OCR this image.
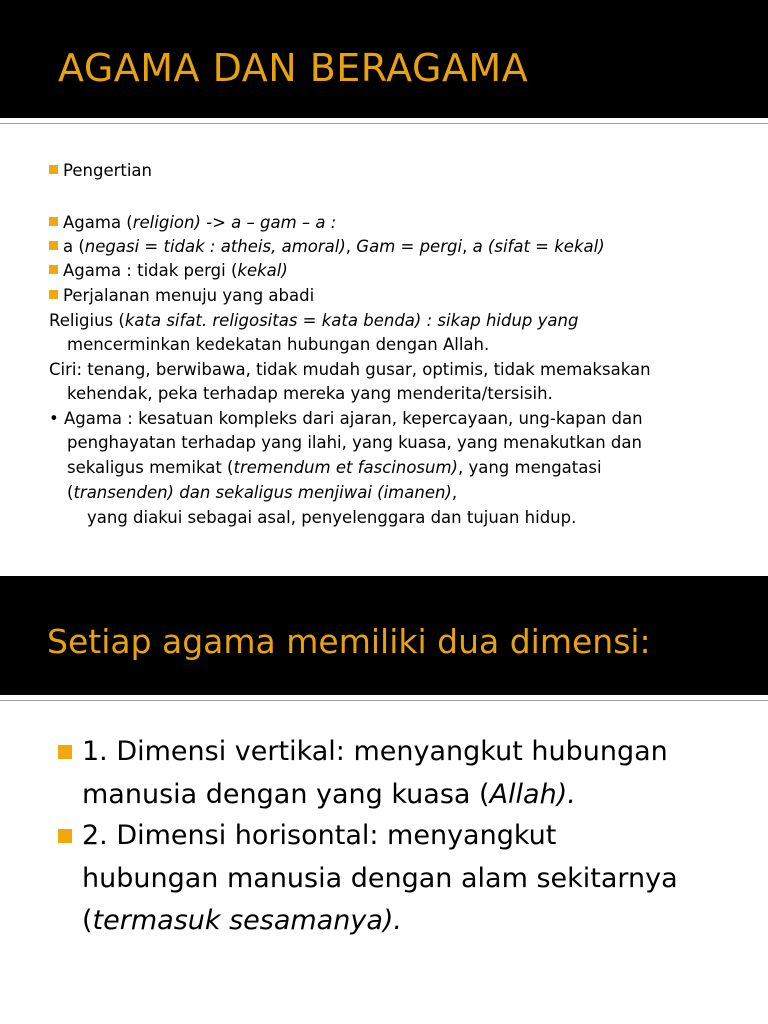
AGAMA DAN BERAGAMA
Pengertian
Agama (religion) -> a – gam – a :
a (negasi = tidak : atheis, amoral), Gam = pergi, a (sifat = kekal)
Agama : tidak pergi (kekal)
Perjalanan menuju yang abadi
Religius (kata sifat. religositas = kata benda) : sikap hidup yang
mencerminkan kedekatan hubungan dengan Allah.
Ciri: tenang, berwibawa, tidak mudah gusar, optimis, tidak memaksakan
kehendak, peka terhadap mereka yang menderita/tersisih.
• Agama : kesatuan kompleks dari ajaran, kepercayaan, ung-kapan dan
penghayatan terhadap yang ilahi, yang kuasa, yang menakutkan dan
sekaligus memikat (tremendum et fascinosum), yang mengatasi
(transenden) dan sekaligus menjiwai (imanen),
yang diakui sebagai asal, penyelenggara dan tujuan hidup.
Setiap agama memiliki dua dimensi:
1. Dimensi vertikal: menyangkut hubungan
manusia dengan yang kuasa (Allah).
2. Dimensi horisontal: menyangkut
hubungan manusia dengan alam sekitarnya
(termasuk sesamanya).
